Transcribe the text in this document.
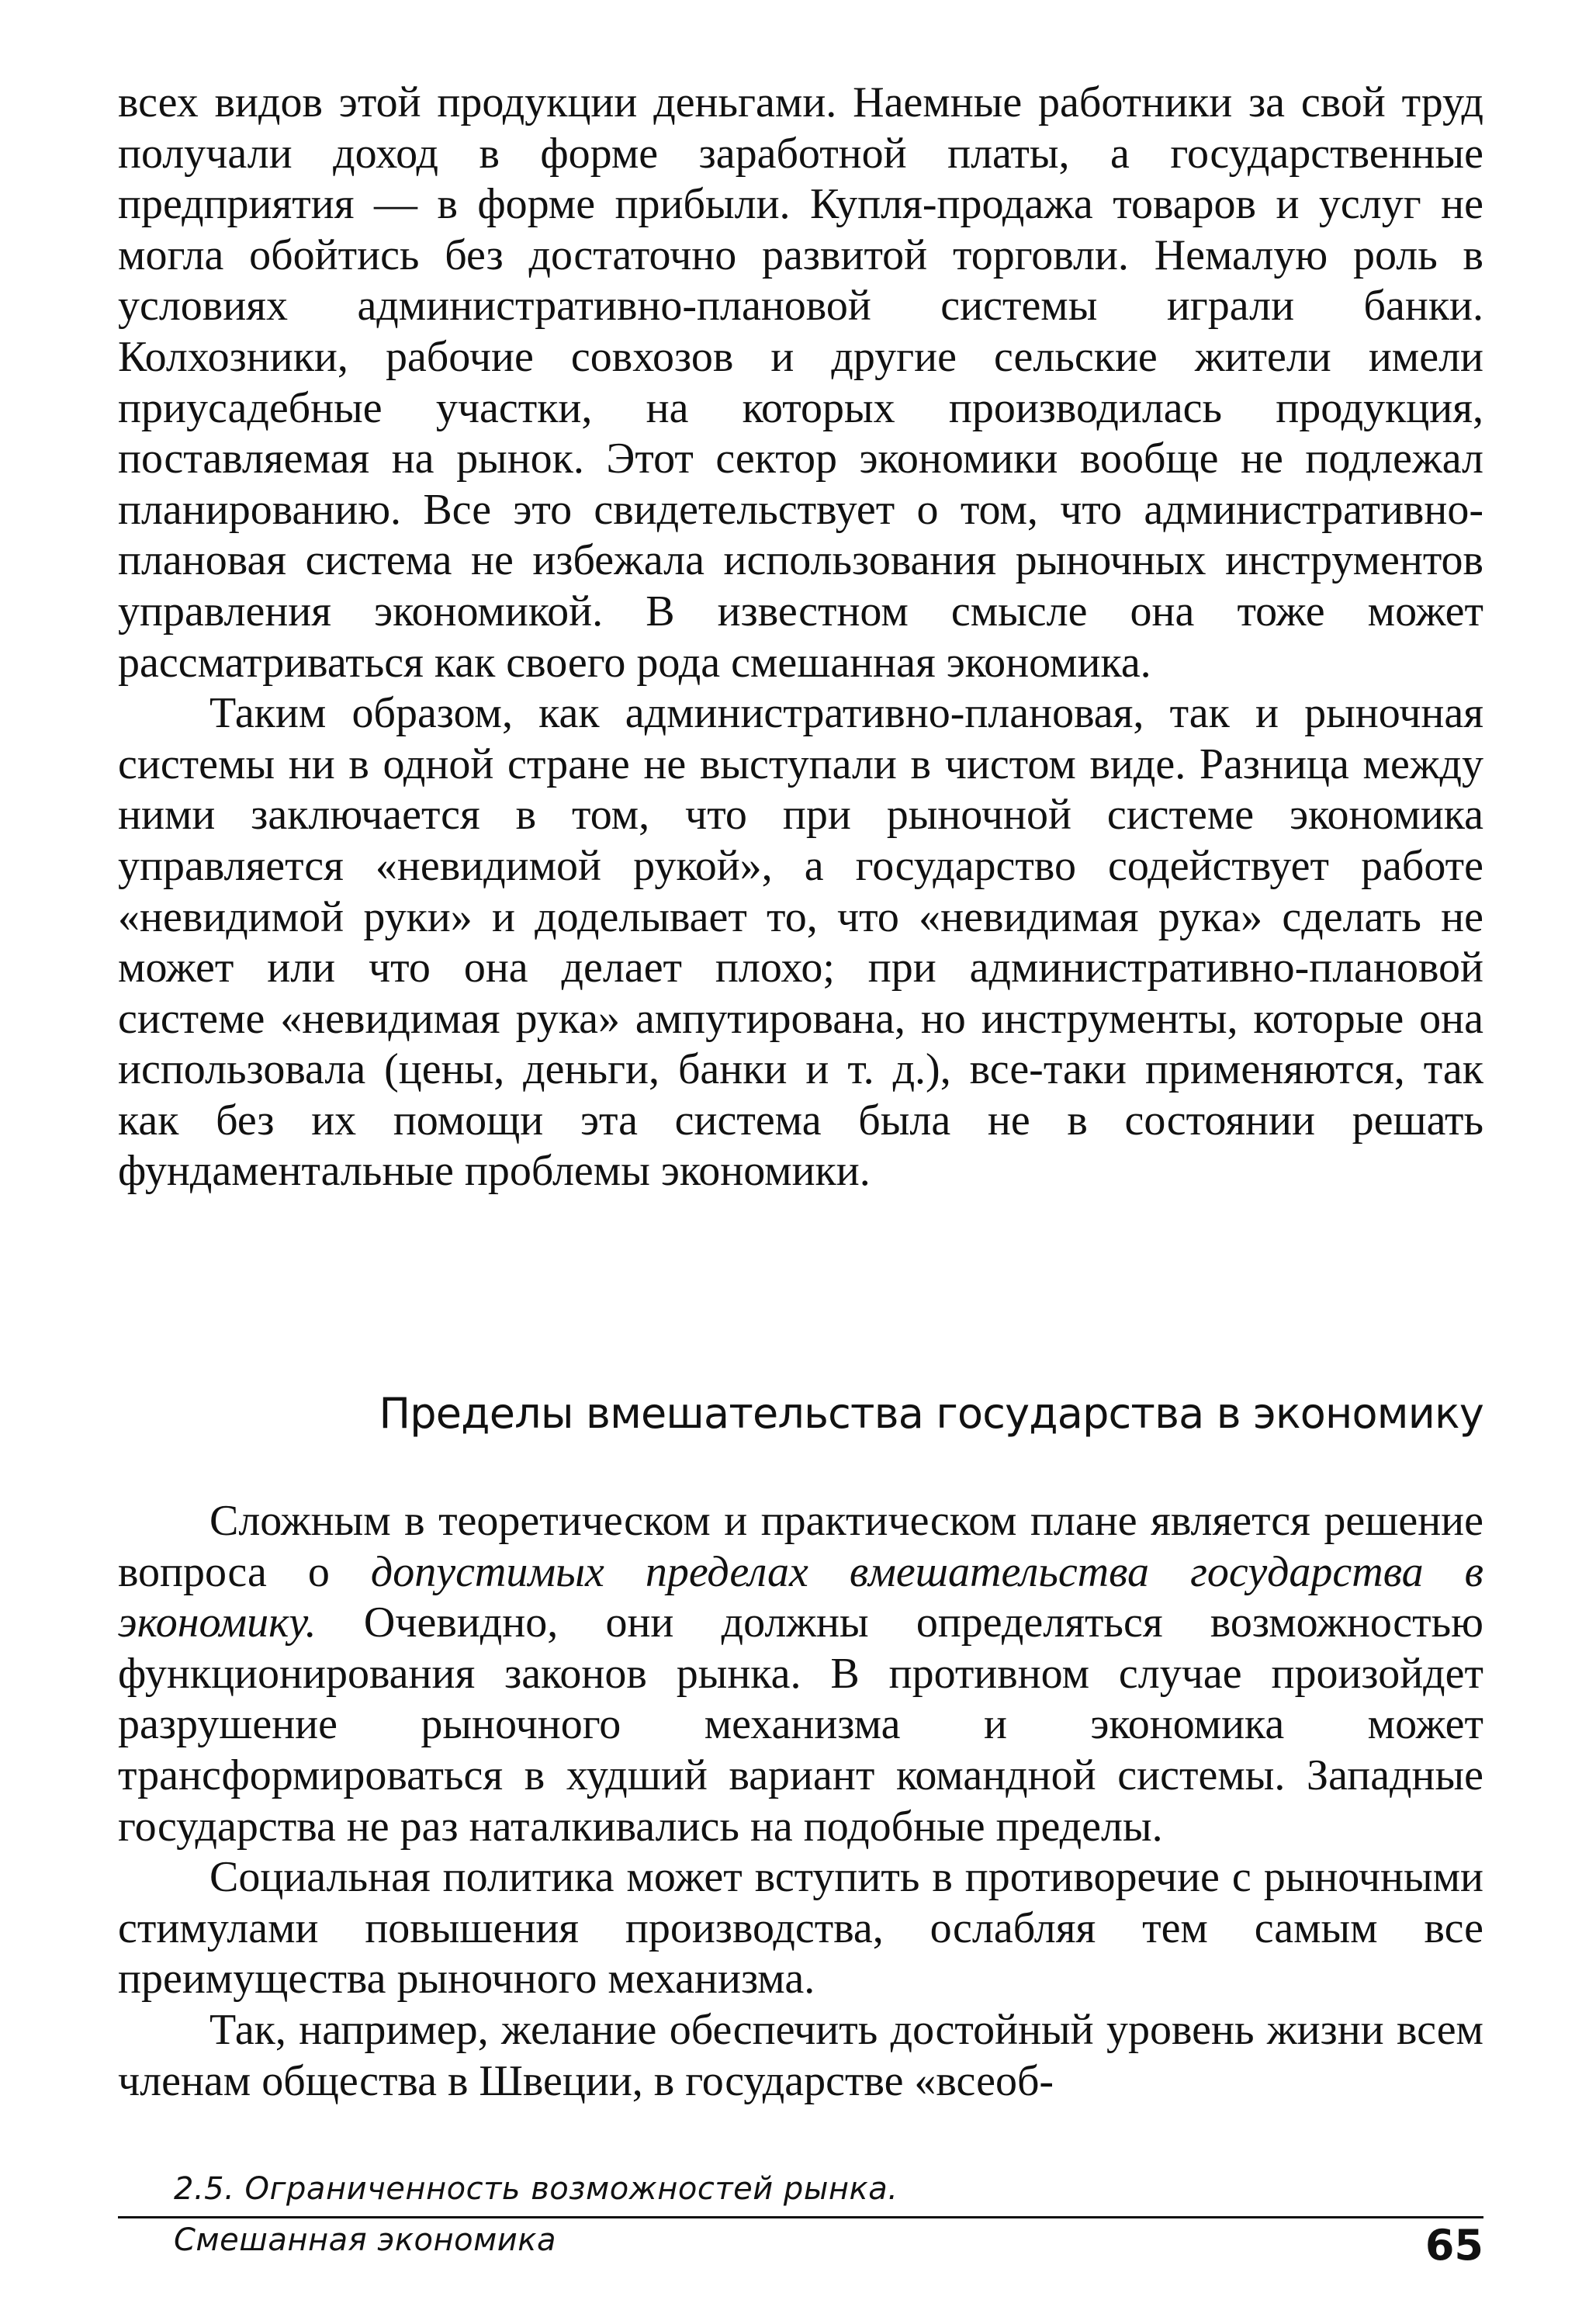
всех видов этой продукции деньгами. Наемные работники за свой труд получали доход в форме заработной платы, а государственные предприятия — в форме прибыли. Купля-продажа товаров и услуг не могла обойтись без достаточно развитой торговли. Немалую роль в условиях административно-плановой системы играли банки. Колхозники, рабочие совхозов и другие сельские жители имели приусадебные участки, на которых производилась продукция, поставляемая на рынок. Этот сектор экономики вообще не подлежал планированию. Все это свидетельствует о том, что административно-плановая система не избежала использования рыночных инструментов управления экономикой. В известном смысле она тоже может рассматриваться как своего рода смешанная экономика.

Таким образом, как административно-плановая, так и рыночная системы ни в одной стране не выступали в чистом виде. Разница между ними заключается в том, что при рыночной системе экономика управляется «невидимой рукой», а государство содействует работе «невидимой руки» и доделывает то, что «невидимая рука» сделать не может или что она делает плохо; при административно-плановой системе «невидимая рука» ампутирована, но инструменты, которые она использовала (цены, деньги, банки и т. д.), все-таки применяются, так как без их помощи эта система была не в состоянии решать фундаментальные проблемы экономики.

Пределы вмешательства государства в экономику

Сложным в теоретическом и практическом плане является решение вопроса о допустимых пределах вмешательства государства в экономику. Очевидно, они должны определяться возможностью функционирования законов рынка. В противном случае произойдет разрушение рыночного механизма и экономика может трансформироваться в худший вариант командной системы. Западные государства не раз наталкивались на подобные пределы.

Социальная политика может вступить в противоречие с рыночными стимулами повышения производства, ослабляя тем самым все преимущества рыночного механизма.

Так, например, желание обеспечить достойный уровень жизни всем членам общества в Швеции, в государстве «всеоб-

2.5. Ограниченность возможностей рынка.
Смешанная экономика	65
